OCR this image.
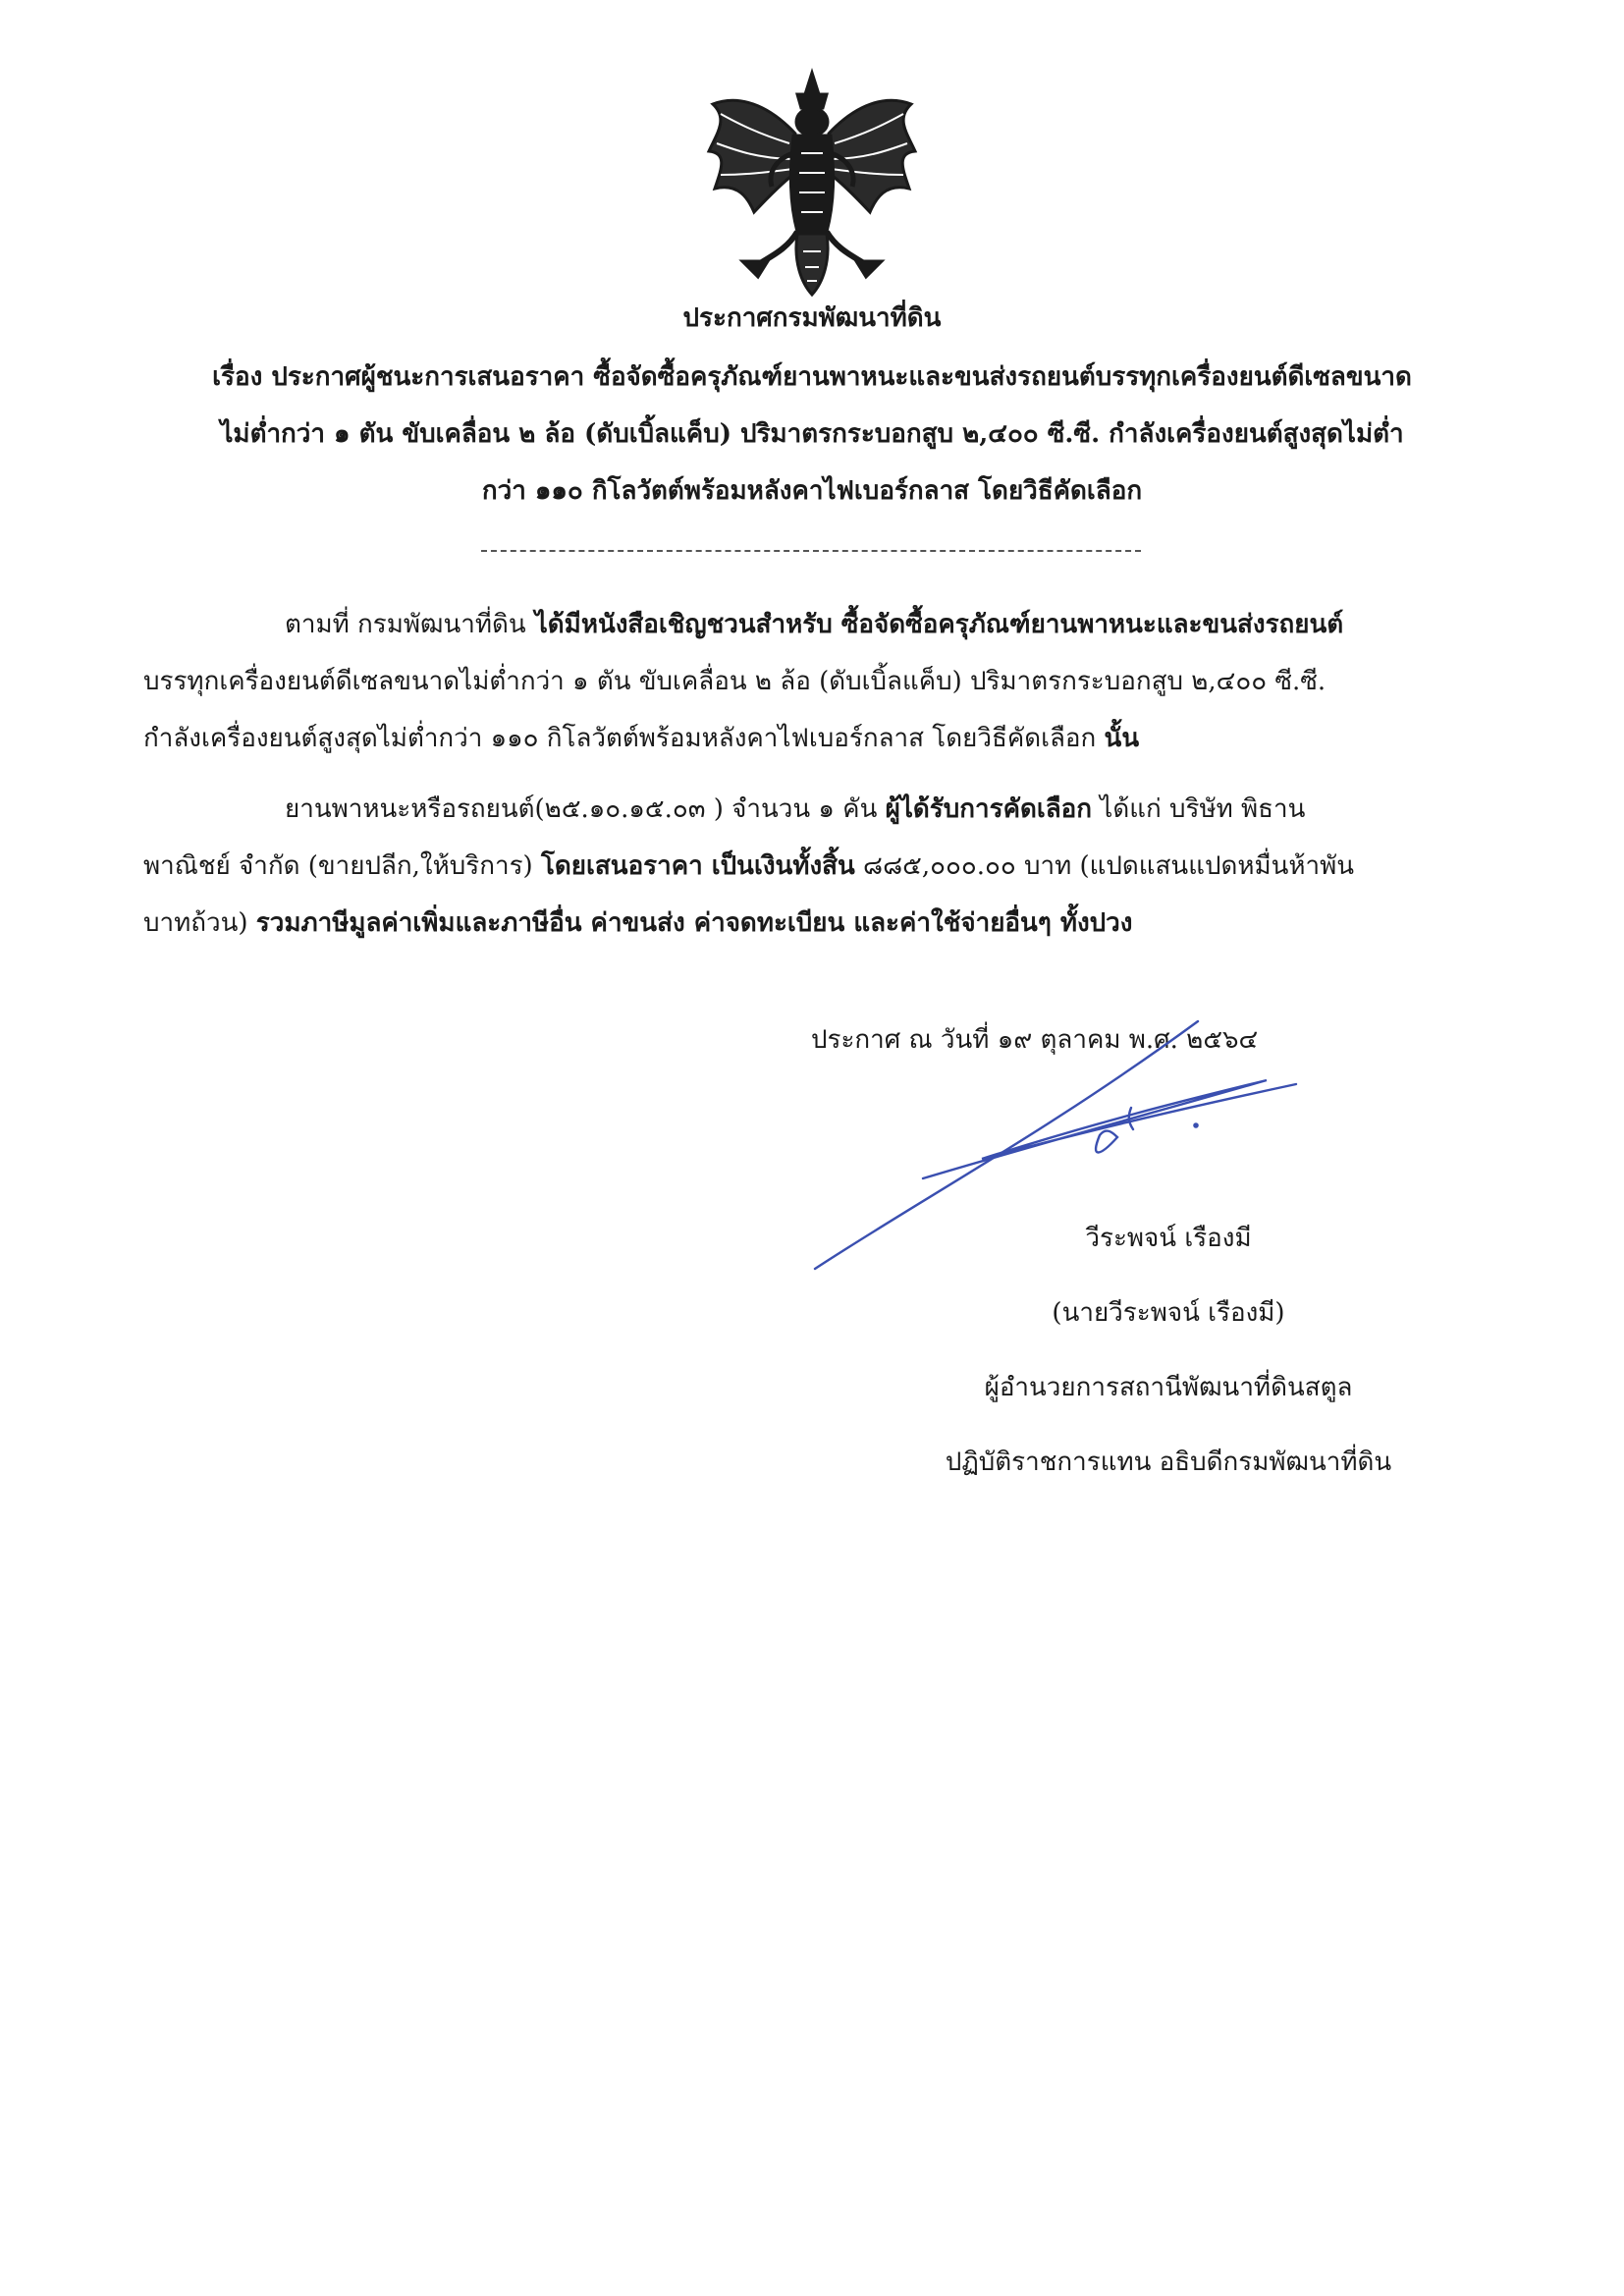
ประกาศกรมพัฒนาที่ดิน
เรื่อง ประกาศผู้ชนะการเสนอราคา ซื้อจัดซื้อครุภัณฑ์ยานพาหนะและขนส่งรถยนต์บรรทุกเครื่องยนต์ดีเซลขนาด
ไม่ต่ำกว่า ๑ ตัน ขับเคลื่อน ๒ ล้อ (ดับเบิ้ลแค็บ) ปริมาตรกระบอกสูบ ๒,๔๐๐ ซี.ซี. กำลังเครื่องยนต์สูงสุดไม่ต่ำ
กว่า ๑๑๐ กิโลวัตต์พร้อมหลังคาไฟเบอร์กลาส โดยวิธีคัดเลือก
ตามที่ กรมพัฒนาที่ดิน ได้มีหนังสือเชิญชวนสำหรับ ซื้อจัดซื้อครุภัณฑ์ยานพาหนะและขนส่งรถยนต์
บรรทุกเครื่องยนต์ดีเซลขนาดไม่ต่ำกว่า ๑ ตัน ขับเคลื่อน ๒ ล้อ (ดับเบิ้ลแค็บ) ปริมาตรกระบอกสูบ ๒,๔๐๐ ซี.ซี.
กำลังเครื่องยนต์สูงสุดไม่ต่ำกว่า ๑๑๐ กิโลวัตต์พร้อมหลังคาไฟเบอร์กลาส โดยวิธีคัดเลือก นั้น
ยานพาหนะหรือรถยนต์(๒๕.๑๐.๑๕.๐๓ ) จำนวน ๑ คัน ผู้ได้รับการคัดเลือก ได้แก่ บริษัท พิธาน
พาณิชย์ จำกัด (ขายปลีก,ให้บริการ) โดยเสนอราคา เป็นเงินทั้งสิ้น ๘๘๕,๐๐๐.๐๐ บาท (แปดแสนแปดหมื่นห้าพัน
บาทถ้วน) รวมภาษีมูลค่าเพิ่มและภาษีอื่น ค่าขนส่ง ค่าจดทะเบียน และค่าใช้จ่ายอื่นๆ ทั้งปวง
ประกาศ ณ วันที่ ๑๙ ตุลาคม พ.ศ. ๒๕๖๔
วีระพจน์ เรืองมี
(นายวีระพจน์ เรืองมี)
ผู้อำนวยการสถานีพัฒนาที่ดินสตูล
ปฏิบัติราชการแทน อธิบดีกรมพัฒนาที่ดิน
